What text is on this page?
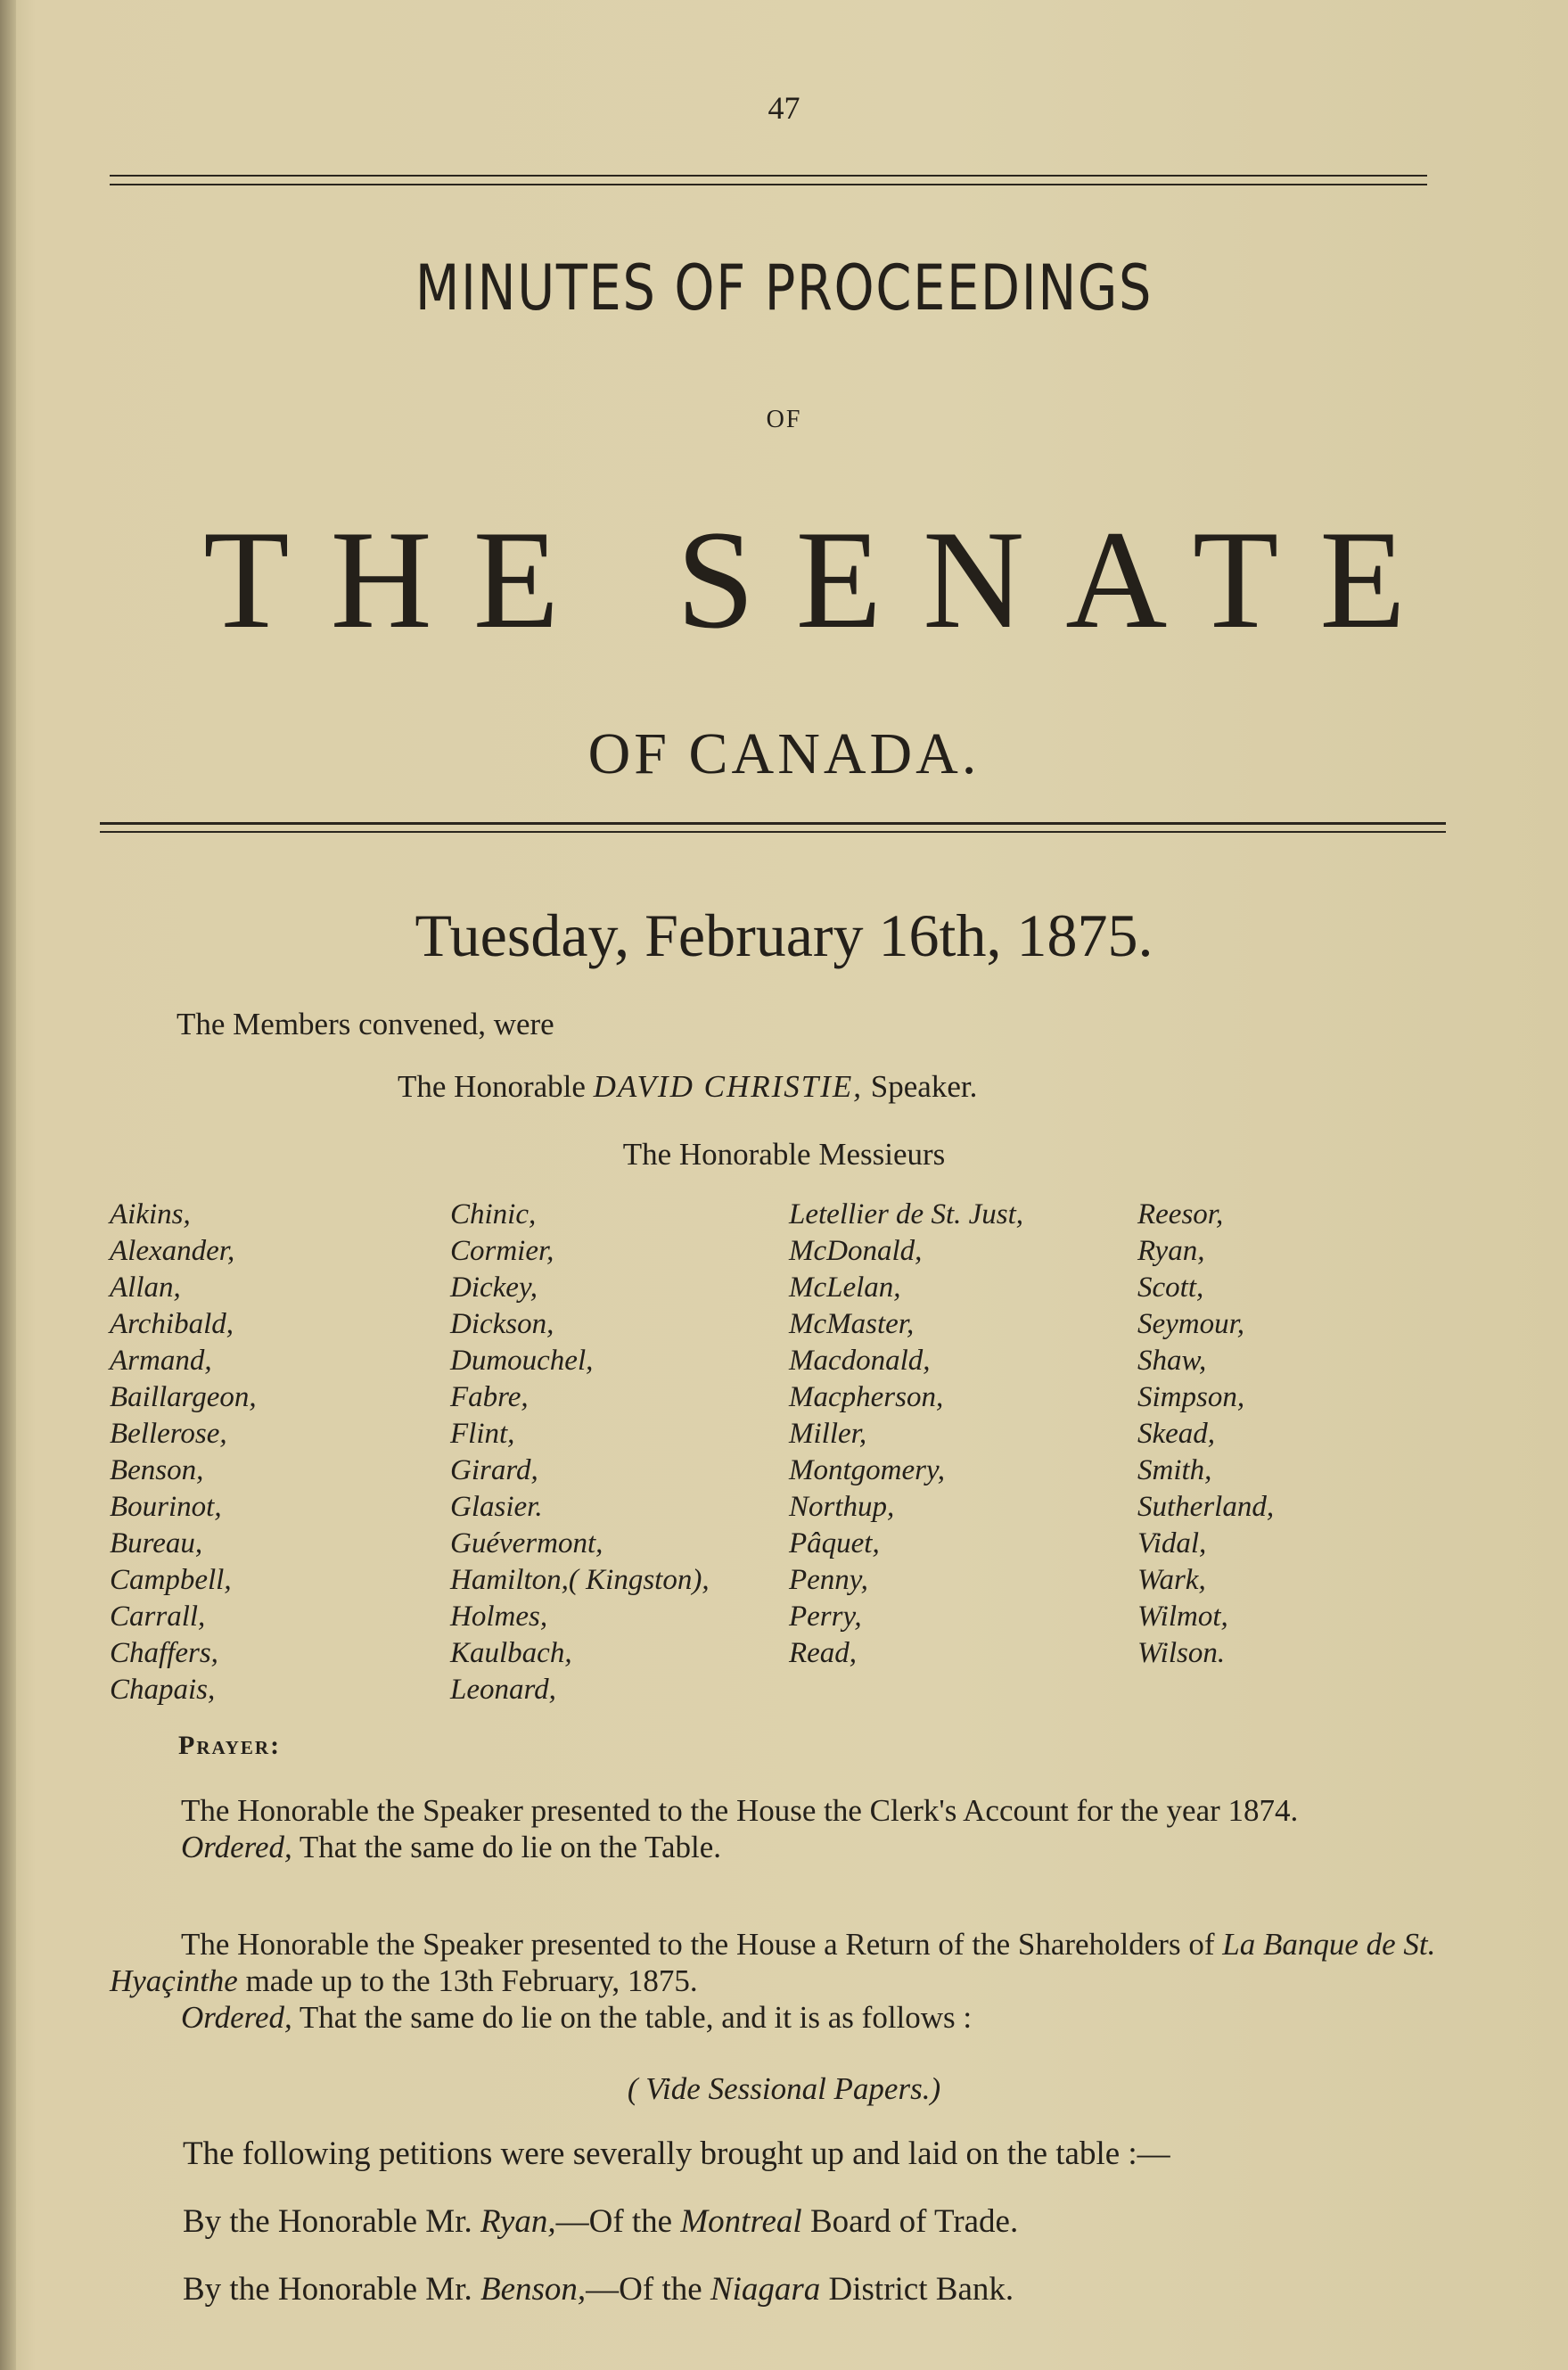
47
MINUTES OF PROCEEDINGS
OF
THE SENATE
OF CANADA.
Tuesday, February 16th, 1875.
The Members convened, were
The Honorable DAVID CHRISTIE, Speaker.
The Honorable Messieurs
Aikins,
Alexander,
Allan,
Archibald,
Armand,
Baillargeon,
Bellerose,
Benson,
Bourinot,
Bureau,
Campbell,
Carrall,
Chaffers,
Chapais,
Chinic,
Cormier,
Dickey,
Dickson,
Dumouchel,
Fabre,
Flint,
Girard,
Glasier.
Guévermont,
Hamilton,( Kingston),
Holmes,
Kaulbach,
Leonard,
Letellier de St. Just,
McDonald,
McLelan,
McMaster,
Macdonald,
Macpherson,
Miller,
Montgomery,
Northup,
Pâquet,
Penny,
Perry,
Read,
Reesor,
Ryan,
Scott,
Seymour,
Shaw,
Simpson,
Skead,
Smith,
Sutherland,
Vidal,
Wark,
Wilmot,
Wilson.
Prayer:
The Honorable the Speaker presented to the House the Clerk's Account for the year 1874.
Ordered, That the same do lie on the Table.
The Honorable the Speaker presented to the House a Return of the Shareholders of La Banque de St. Hyaçinthe made up to the 13th February, 1875.
Ordered, That the same do lie on the table, and it is as follows :
( Vide Sessional Papers.)
The following petitions were severally brought up and laid on the table :—
By the Honorable Mr. Ryan,—Of the Montreal Board of Trade.
By the Honorable Mr. Benson,—Of the Niagara District Bank.
